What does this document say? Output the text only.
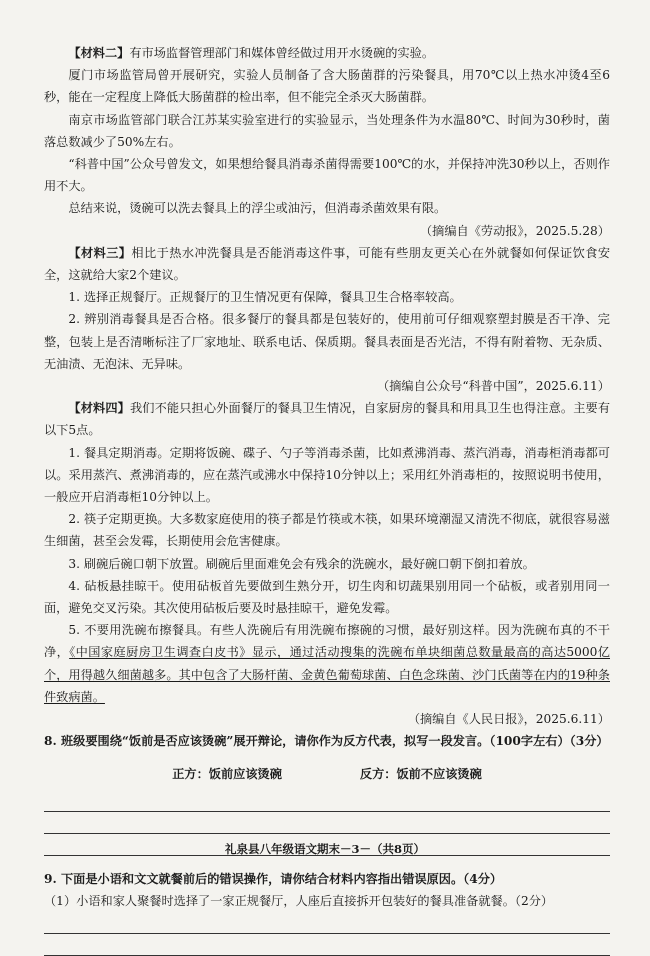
【材料二】有市场监督管理部门和媒体曾经做过用开水烫碗的实验。

厦门市场监管局曾开展研究，实验人员制备了含大肠菌群的污染餐具，用70℃以上热水冲烫4至6秒，能在一定程度上降低大肠菌群的检出率，但不能完全杀灭大肠菌群。

南京市场监管部门联合江苏某实验室进行的实验显示，当处理条件为水温80℃、时间为30秒时，菌落总数减少了50%左右。

“科普中国”公众号曾发文，如果想给餐具消毒杀菌得需要100℃的水，并保持冲洗30秒以上，否则作用不大。

总结来说，烫碗可以洗去餐具上的浮尘或油污，但消毒杀菌效果有限。

（摘编自《劳动报》，2025.5.28）

【材料三】相比于热水冲洗餐具是否能消毒这件事，可能有些朋友更关心在外就餐如何保证饮食安全，这就给大家2个建议。

1. 选择正规餐厅。正规餐厅的卫生情况更有保障，餐具卫生合格率较高。

2. 辨别消毒餐具是否合格。很多餐厅的餐具都是包装好的，使用前可仔细观察塑封膜是否干净、完整，包装上是否清晰标注了厂家地址、联系电话、保质期。餐具表面是否光洁，不得有附着物、无杂质、无油渍、无泡沫、无异味。

（摘编自公众号“科普中国”，2025.6.11）

【材料四】我们不能只担心外面餐厅的餐具卫生情况，自家厨房的餐具和用具卫生也得注意。主要有以下5点。

1. 餐具定期消毒。定期将饭碗、碟子、勺子等消毒杀菌，比如煮沸消毒、蒸汽消毒，消毒柜消毒都可以。采用蒸汽、煮沸消毒的，应在蒸汽或沸水中保持10分钟以上；采用红外消毒柜的，按照说明书使用，一般应开启消毒柜10分钟以上。

2. 筷子定期更换。大多数家庭使用的筷子都是竹筷或木筷，如果环境潮湿又清洗不彻底，就很容易滋生细菌，甚至会发霉，长期使用会危害健康。

3. 刷碗后碗口朝下放置。刷碗后里面难免会有残余的洗碗水，最好碗口朝下倒扣着放。

4. 砧板悬挂晾干。使用砧板首先要做到生熟分开，切生肉和切蔬果别用同一个砧板，或者别用同一面，避免交叉污染。其次使用砧板后要及时悬挂晾干，避免发霉。

5. 不要用洗碗布擦餐具。有些人洗碗后有用洗碗布擦碗的习惯，最好别这样。因为洗碗布真的不干净，《中国家庭厨房卫生调查白皮书》显示，通过活动搜集的洗碗布单块细菌总数量最高的高达5000亿个，用得越久细菌越多。其中包含了大肠杆菌、金黄色葡萄球菌、白色念珠菌、沙门氏菌等在内的19种条件致病菌。

（摘编自《人民日报》，2025.6.11）

8. 班级要围绕“饭前是否应该烫碗”展开辩论，请你作为反方代表，拟写一段发言。（100字左右）（3分）

正方：饭前应该烫碗	反方：饭前不应该烫碗

9. 下面是小语和文文就餐前后的错误操作，请你结合材料内容指出错误原因。（4分）

（1）小语和家人聚餐时选择了一家正规餐厅，人座后直接拆开包装好的餐具准备就餐。（2分）

礼泉县八年级语文期末－3－（共8页）
